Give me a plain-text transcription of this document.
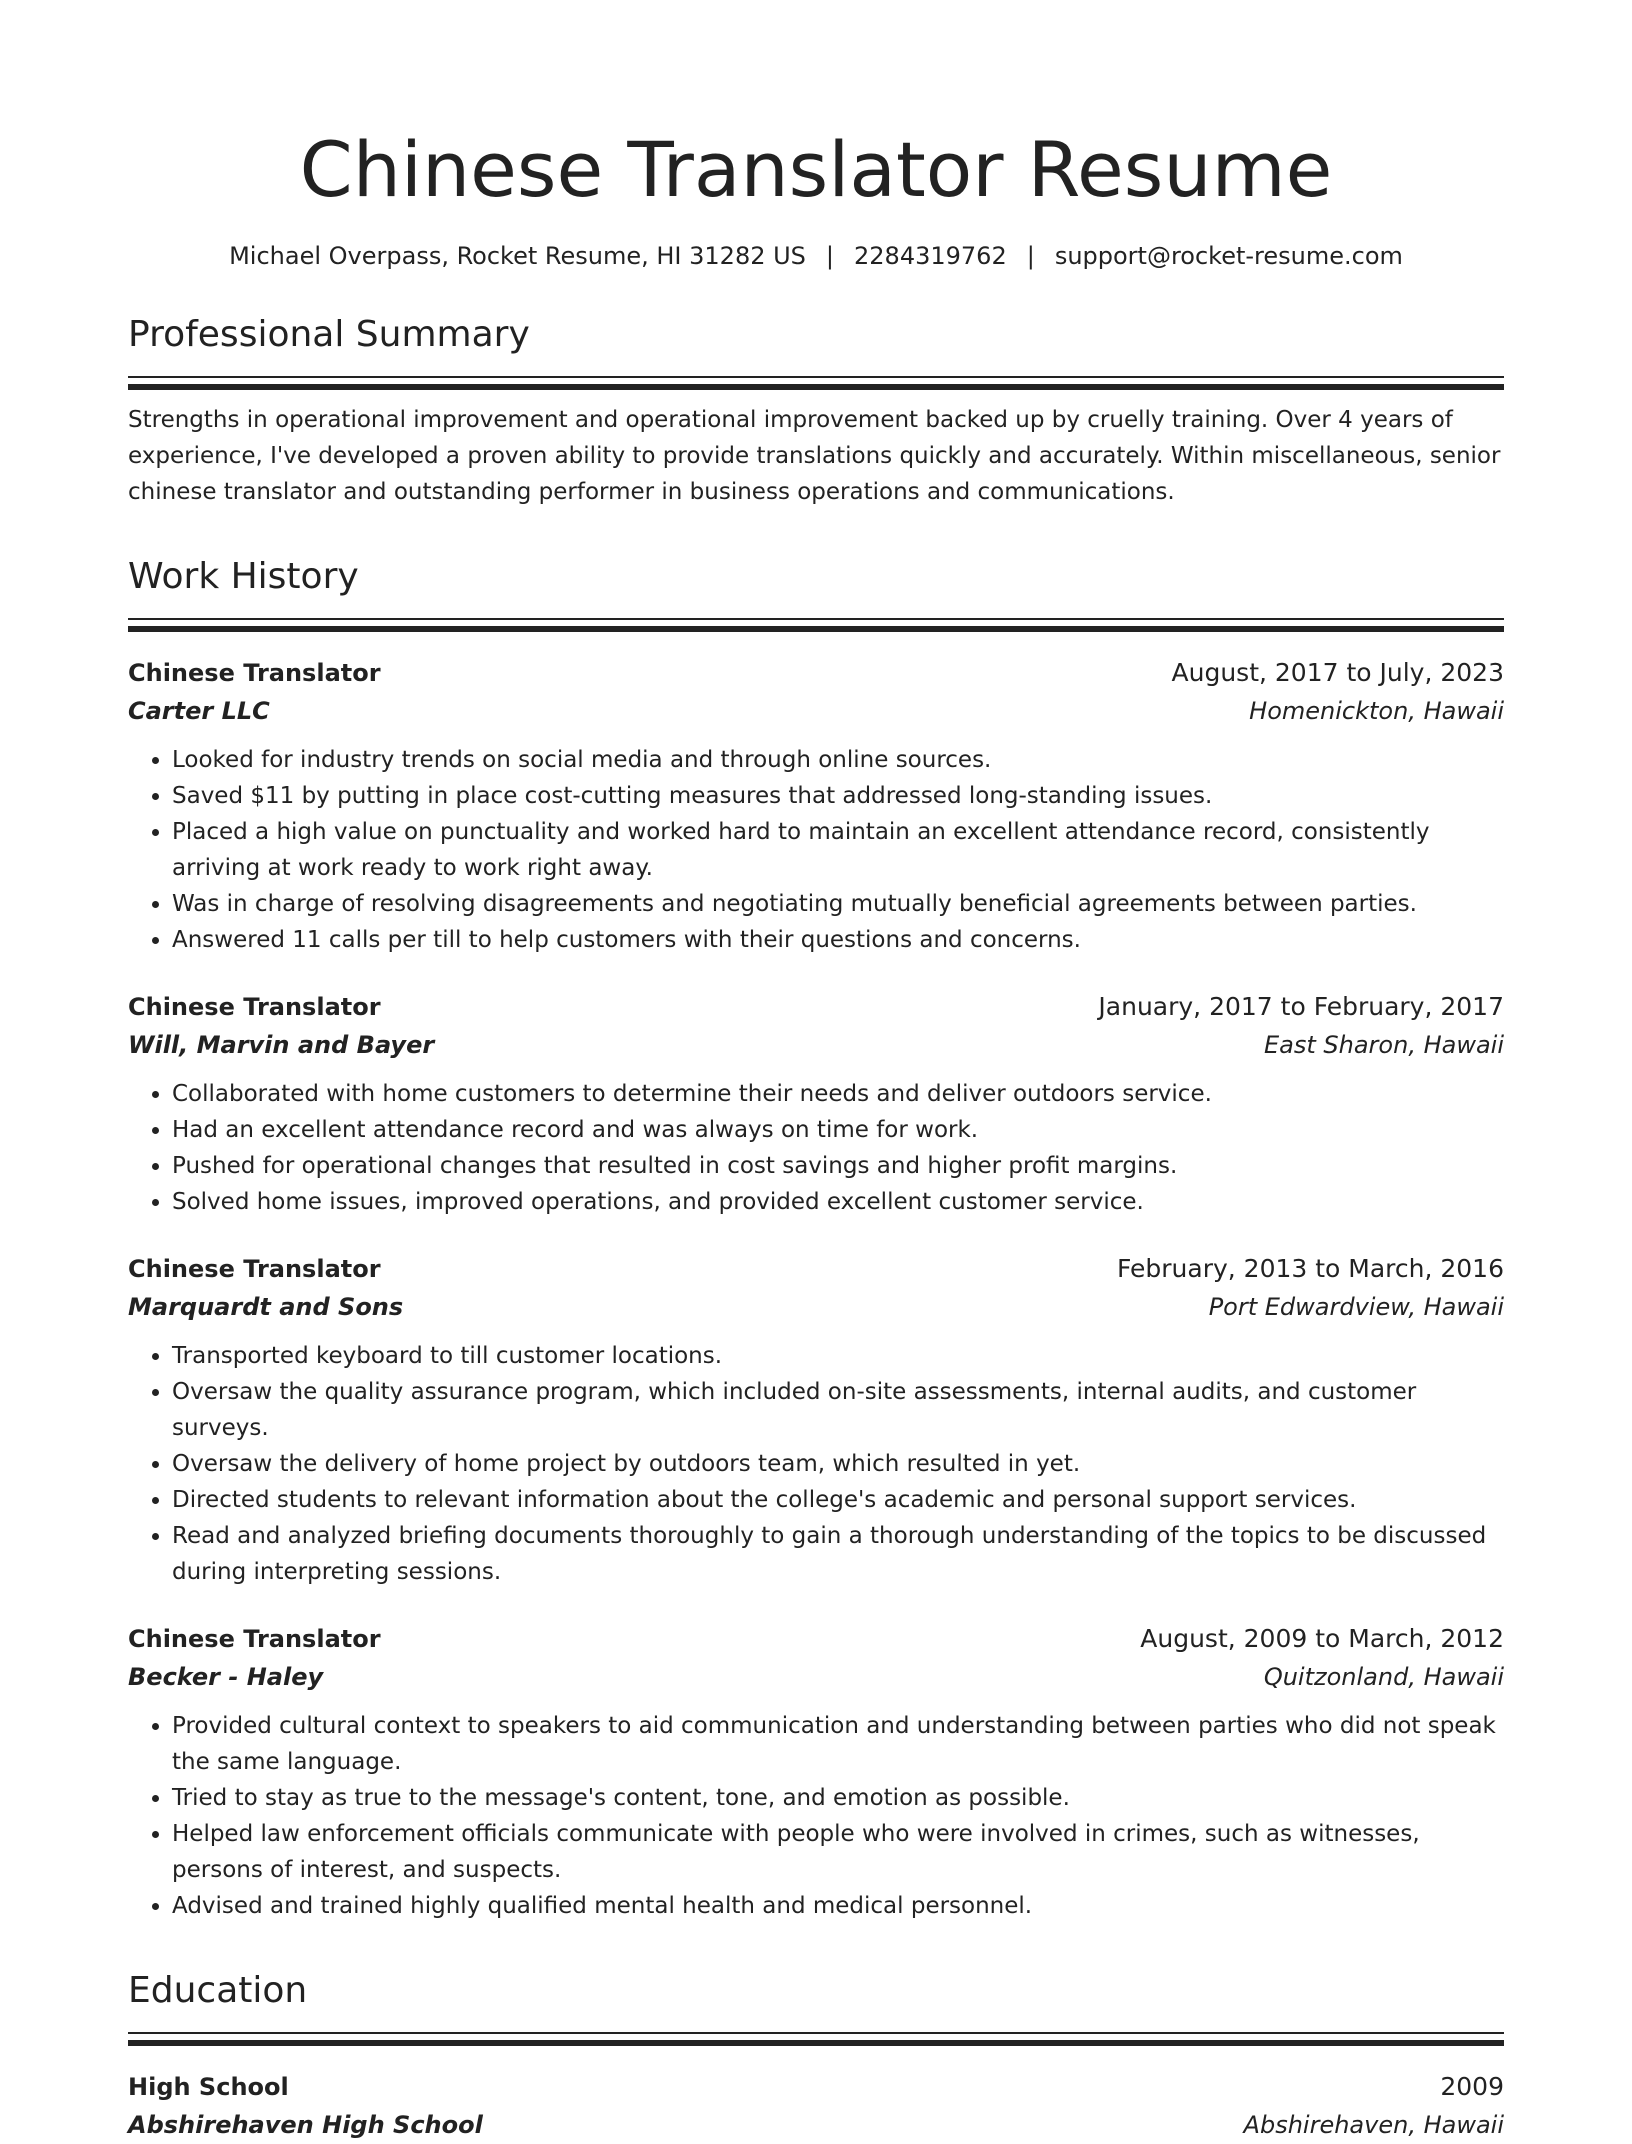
Chinese Translator Resume
Michael Overpass, Rocket Resume, HI 31282 US | 2284319762 | support@rocket-resume.com
Professional Summary
Strengths in operational improvement and operational improvement backed up by cruelly training. Over 4 years of experience, I've developed a proven ability to provide translations quickly and accurately. Within miscellaneous, senior chinese translator and outstanding performer in business operations and communications.
Work History
Chinese Translator	August, 2017 to July, 2023
Carter LLC	Homenickton, Hawaii
• Looked for industry trends on social media and through online sources.
• Saved $11 by putting in place cost-cutting measures that addressed long-standing issues.
• Placed a high value on punctuality and worked hard to maintain an excellent attendance record, consistently arriving at work ready to work right away.
• Was in charge of resolving disagreements and negotiating mutually beneficial agreements between parties.
• Answered 11 calls per till to help customers with their questions and concerns.
Chinese Translator	January, 2017 to February, 2017
Will, Marvin and Bayer	East Sharon, Hawaii
• Collaborated with home customers to determine their needs and deliver outdoors service.
• Had an excellent attendance record and was always on time for work.
• Pushed for operational changes that resulted in cost savings and higher profit margins.
• Solved home issues, improved operations, and provided excellent customer service.
Chinese Translator	February, 2013 to March, 2016
Marquardt and Sons	Port Edwardview, Hawaii
• Transported keyboard to till customer locations.
• Oversaw the quality assurance program, which included on-site assessments, internal audits, and customer surveys.
• Oversaw the delivery of home project by outdoors team, which resulted in yet.
• Directed students to relevant information about the college's academic and personal support services.
• Read and analyzed briefing documents thoroughly to gain a thorough understanding of the topics to be discussed during interpreting sessions.
Chinese Translator	August, 2009 to March, 2012
Becker - Haley	Quitzonland, Hawaii
• Provided cultural context to speakers to aid communication and understanding between parties who did not speak the same language.
• Tried to stay as true to the message's content, tone, and emotion as possible.
• Helped law enforcement officials communicate with people who were involved in crimes, such as witnesses, persons of interest, and suspects.
• Advised and trained highly qualified mental health and medical personnel.
Education
High School	2009
Abshirehaven High School	Abshirehaven, Hawaii
